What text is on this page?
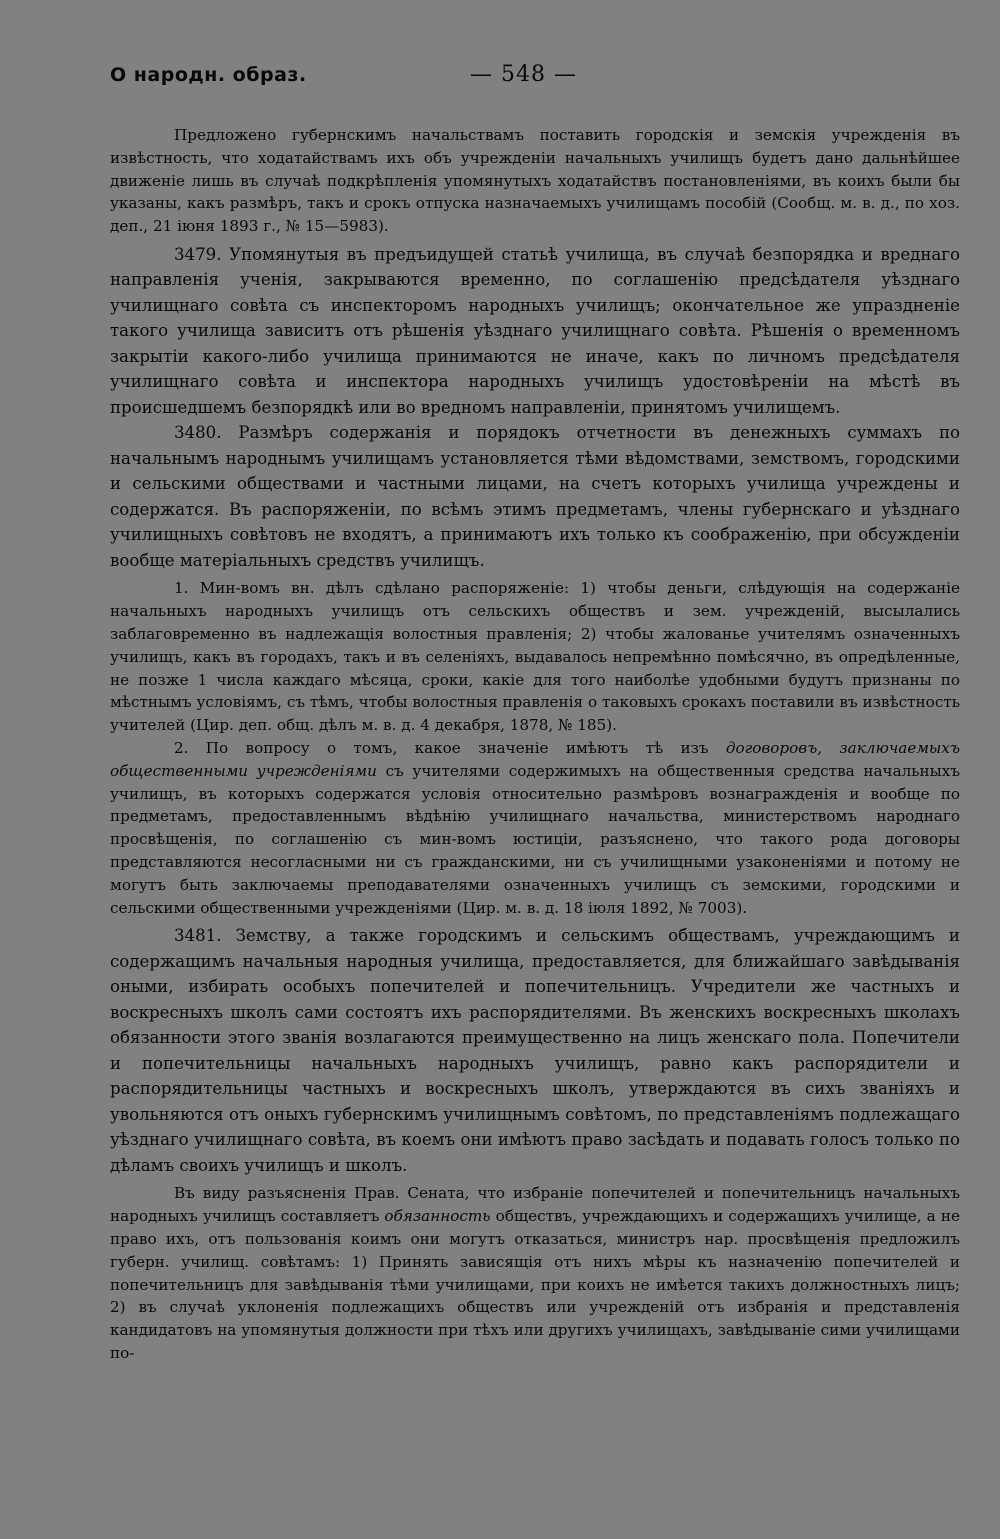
О народн. образ.	— 548 —

Предложено губернскимъ начальствамъ поставить городскія и земскія учрежденія въ извѣстность, что ходатайствамъ ихъ объ учрежденіи начальныхъ училищъ будетъ дано дальнѣйшее движеніе лишь въ случаѣ подкрѣпленія упомянутыхъ ходатайствъ постановленіями, въ коихъ были бы указаны, какъ размѣръ, такъ и срокъ отпуска назначаемыхъ училищамъ пособій (Сообщ. м. в. д., по хоз. деп., 21 іюня 1893 г., № 15—5983).

3479. Упомянутыя въ предъидущей статьѣ училища, въ случаѣ безпорядка и вреднаго направленія ученія, закрываются временно, по соглашенію предсѣдателя уѣзднаго училищнаго совѣта съ инспекторомъ народныхъ училищъ; окончательное же упраздненіе такого училища зависитъ отъ рѣшенія уѣзднаго училищнаго совѣта. Рѣшенія о временномъ закрытіи какого-либо училища принимаются не иначе, какъ по личномъ предсѣдателя училищнаго совѣта и инспектора народныхъ училищъ удостовѣреніи на мѣстѣ въ происшедшемъ безпорядкѣ или во вредномъ направленіи, принятомъ училищемъ.

3480. Размѣръ содержанія и порядокъ отчетности въ денежныхъ суммахъ по начальнымъ народнымъ училищамъ установляется тѣми вѣдомствами, земствомъ, городскими и сельскими обществами и частными лицами, на счетъ которыхъ училища учреждены и содержатся. Въ распоряженіи, по всѣмъ этимъ предметамъ, члены губернскаго и уѣзднаго училищныхъ совѣтовъ не входятъ, а принимаютъ ихъ только къ соображенію, при обсужденіи вообще матеріальныхъ средствъ училищъ.

1. Мин-вомъ вн. дѣлъ сдѣлано распоряженіе: 1) чтобы деньги, слѣдующія на содержаніе начальныхъ народныхъ училищъ отъ сельскихъ обществъ и зем. учрежденій, высылались заблаговременно въ надлежащія волостныя правленія; 2) чтобы жалованье учителямъ означенныхъ училищъ, какъ въ городахъ, такъ и въ селеніяхъ, выдавалось непремѣнно помѣсячно, въ опредѣленные, не позже 1 числа каждаго мѣсяца, сроки, какіе для того наиболѣе удобными будутъ признаны по мѣстнымъ условіямъ, съ тѣмъ, чтобы волостныя правленія о таковыхъ срокахъ поставили въ извѣстность учителей (Цир. деп. общ. дѣлъ м. в. д. 4 декабря, 1878, № 185).

2. По вопросу о томъ, какое значеніе имѣютъ тѣ изъ договоровъ, заключаемыхъ общественными учрежденіями съ учителями содержимыхъ на общественныя средства начальныхъ училищъ, въ которыхъ содержатся условія относительно размѣровъ вознагражденія и вообще по предметамъ, предоставленнымъ вѣдѣнію училищнаго начальства, министерствомъ народнаго просвѣщенія, по соглашенію съ мин-вомъ юстиціи, разъяснено, что такого рода договоры представляются несогласными ни съ гражданскими, ни съ училищными узаконеніями и потому не могутъ быть заключаемы преподавателями означенныхъ училищъ съ земскими, городскими и сельскими общественными учрежденіями (Цир. м. в. д. 18 іюля 1892, № 7003).

3481. Земству, а также городскимъ и сельскимъ обществамъ, учреждающимъ и содержащимъ начальныя народныя училища, предоставляется, для ближайшаго завѣдыванія оными, избирать особыхъ попечителей и попечительницъ. Учредители же частныхъ и воскресныхъ школъ сами состоятъ ихъ распорядителями. Въ женскихъ воскресныхъ школахъ обязанности этого званія возлагаются преимущественно на лицъ женскаго пола. Попечители и попечительницы начальныхъ народныхъ училищъ, равно какъ распорядители и распорядительницы частныхъ и воскресныхъ школъ, утверждаются въ сихъ званіяхъ и увольняются отъ оныхъ губернскимъ училищнымъ совѣтомъ, по представленіямъ подлежащаго уѣзднаго училищнаго совѣта, въ коемъ они имѣютъ право засѣдать и подавать голосъ только по дѣламъ своихъ училищъ и школъ.

Въ виду разъясненія Прав. Сената, что избраніе попечителей и попечительницъ начальныхъ народныхъ училищъ составляетъ обязанность обществъ, учреждающихъ и содержащихъ училище, а не право ихъ, отъ пользованія коимъ они могутъ отказаться, министръ нар. просвѣщенія предложилъ губерн. училищ. совѣтамъ: 1) Принять зависящія отъ нихъ мѣры къ назначенію попечителей и попечительницъ для завѣдыванія тѣми училищами, при коихъ не имѣется такихъ должностныхъ лицъ; 2) въ случаѣ уклоненія подлежащихъ обществъ или учрежденій отъ избранія и представленія кандидатовъ на упомянутыя должности при тѣхъ или другихъ училищахъ, завѣдываніе сими училищами по-
